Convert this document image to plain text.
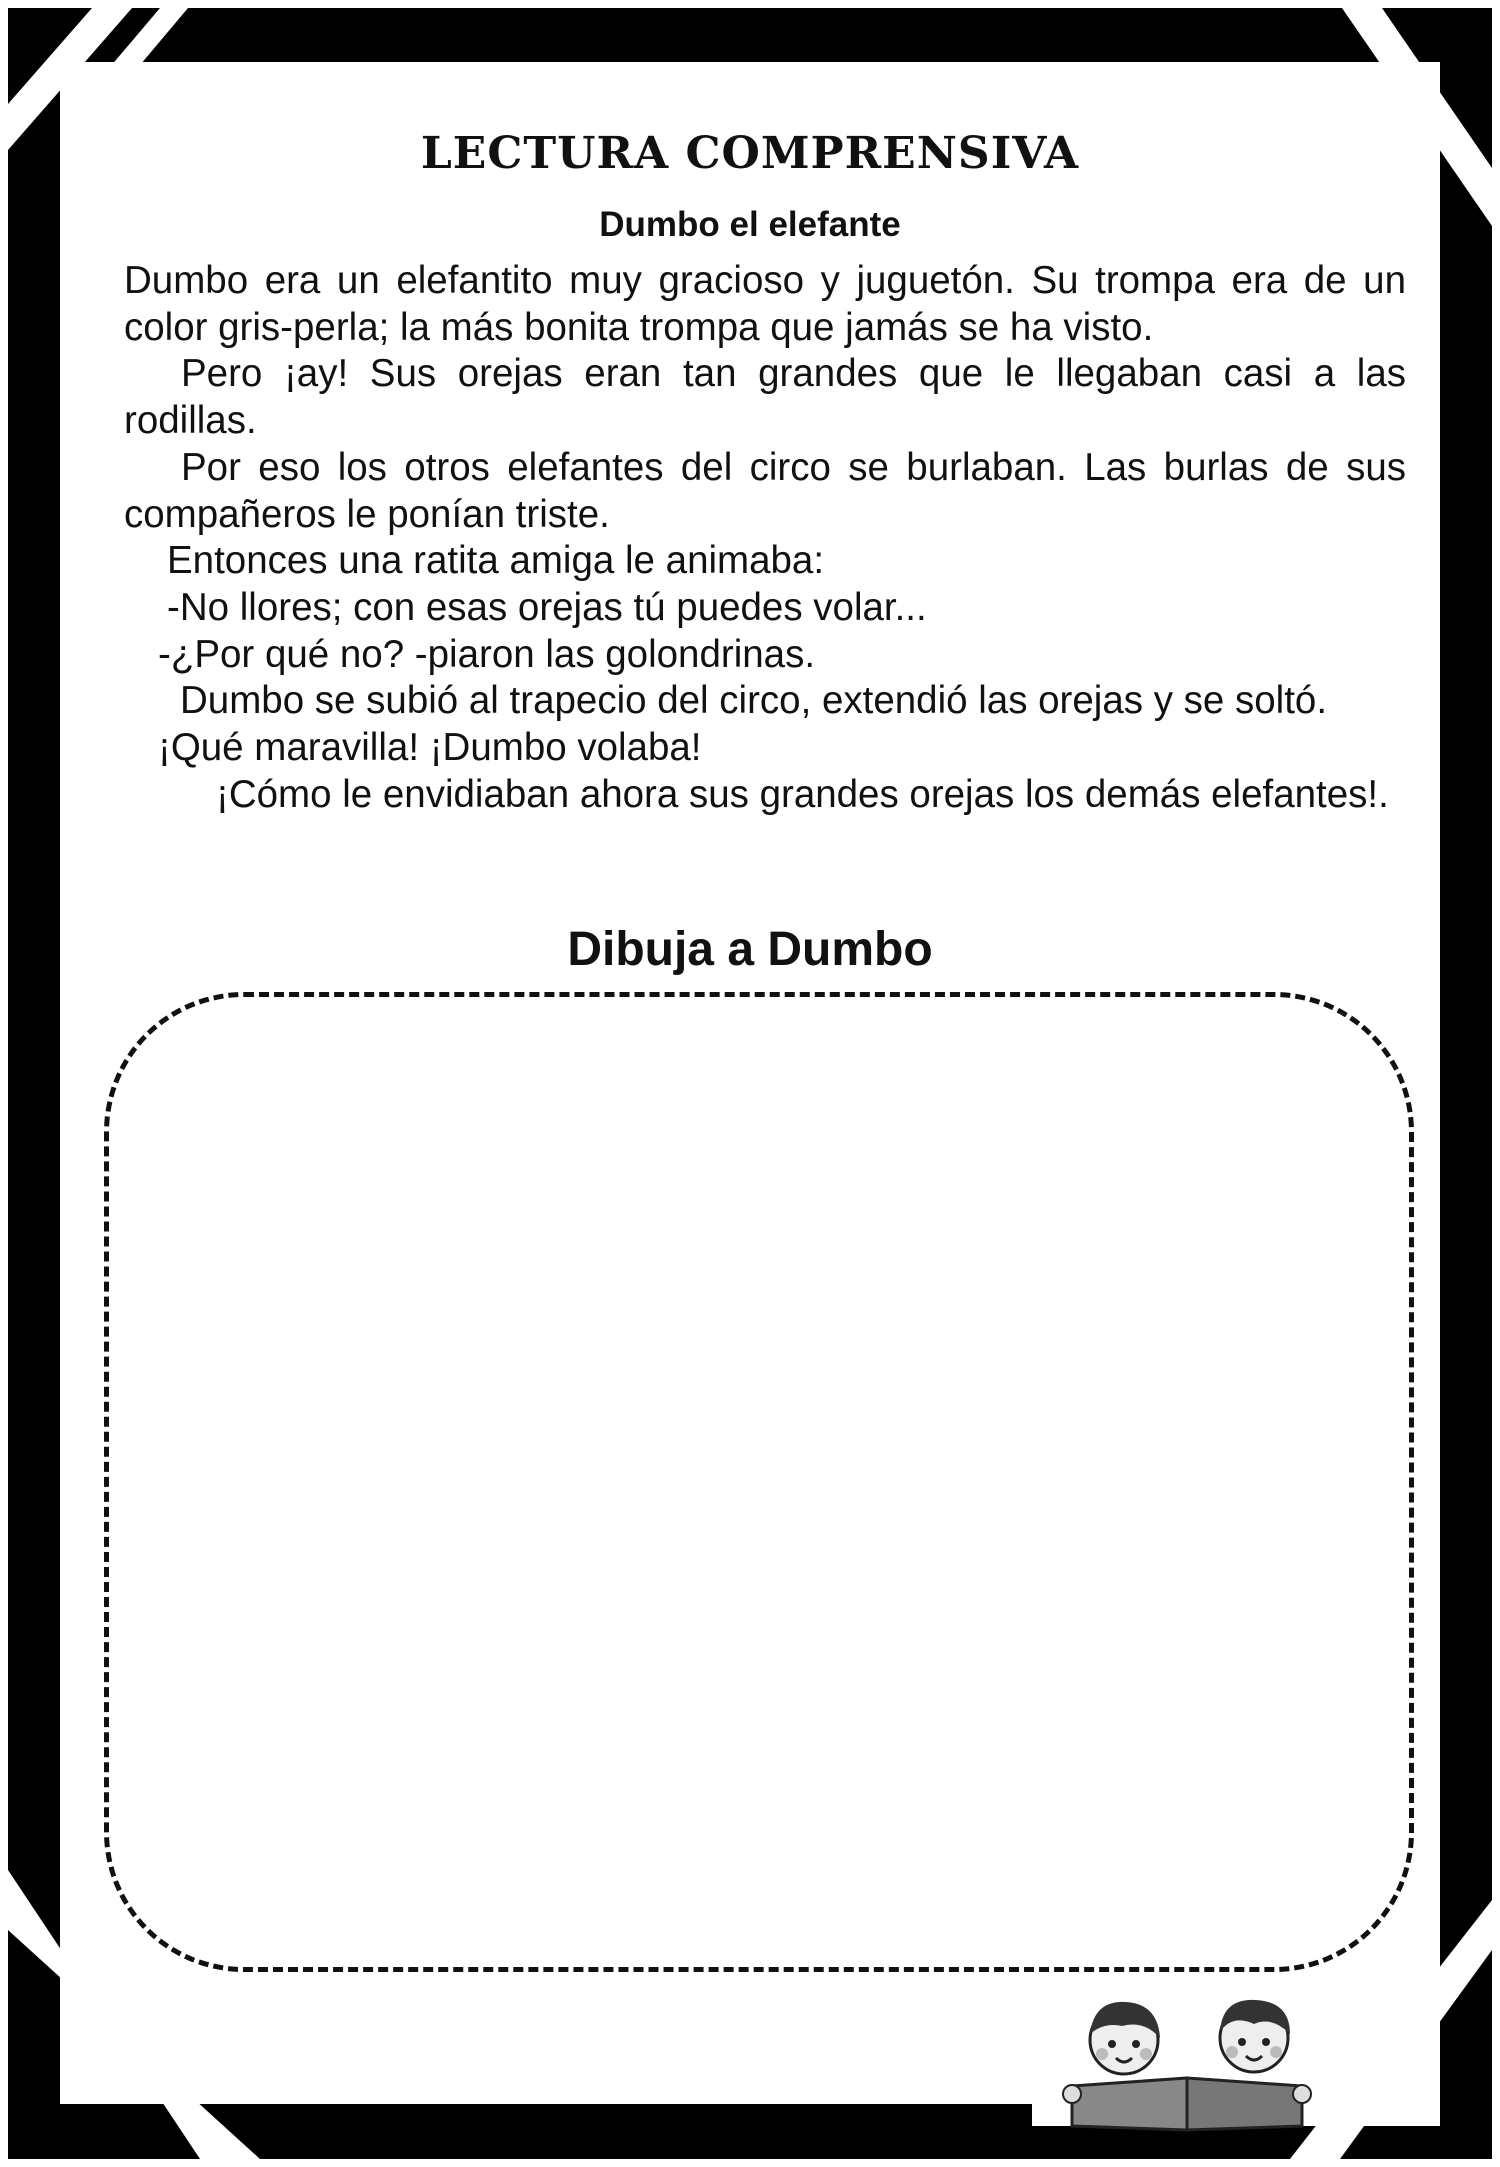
LECTURA COMPRENSIVA
Dumbo el elefante

Dumbo era un elefantito muy gracioso y juguetón. Su trompa era de un color gris-perla; la más bonita trompa que jamás se ha visto.

Pero ¡ay! Sus orejas eran tan grandes que le llegaban casi a las rodillas.

Por eso los otros elefantes del circo se burlaban. Las burlas de sus compañeros le ponían triste.

Entonces una ratita amiga le animaba:

-No llores; con esas orejas tú puedes volar...

-¿Por qué no? -piaron las golondrinas.

Dumbo se subió al trapecio del circo, extendió las orejas y se soltó.

¡Qué maravilla! ¡Dumbo volaba!

¡Cómo le envidiaban ahora sus grandes orejas los demás elefantes!.

Dibuja a Dumbo
